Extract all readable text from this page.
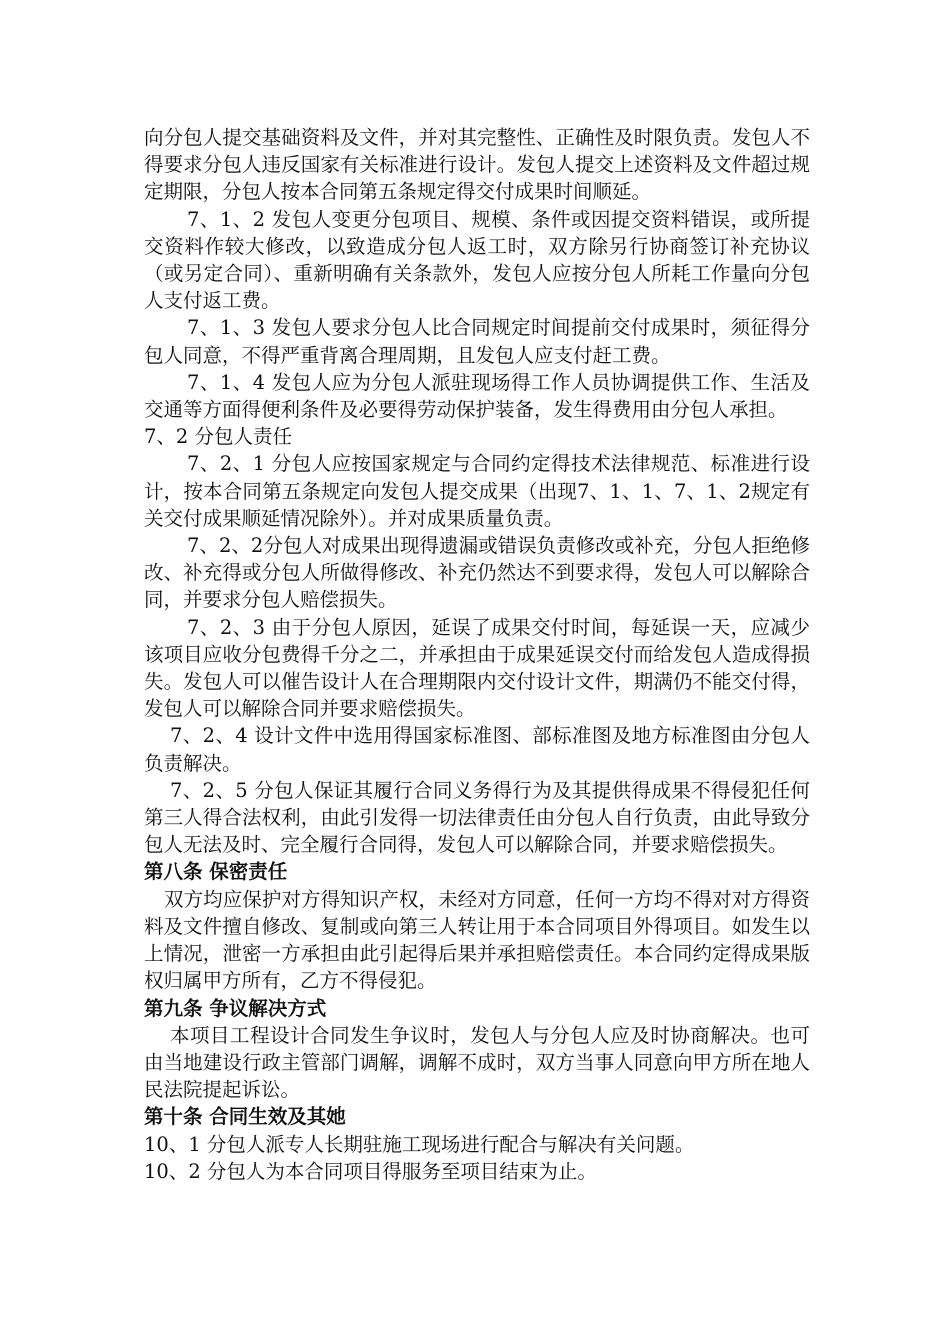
向分包人提交基础资料及文件，并对其完整性、正确性及时限负责。发包人不得要求分包人违反国家有关标准进行设计。发包人提交上述资料及文件超过规定期限，分包人按本合同第五条规定得交付成果时间顺延。

7、1、2 发包人变更分包项目、规模、条件或因提交资料错误，或所提交资料作较大修改，以致造成分包人返工时，双方除另行协商签订补充协议（或另定合同）、重新明确有关条款外，发包人应按分包人所耗工作量向分包人支付返工费。

7、1、3 发包人要求分包人比合同规定时间提前交付成果时，须征得分包人同意，不得严重背离合理周期，且发包人应支付赶工费。

7、1、4 发包人应为分包人派驻现场得工作人员协调提供工作、生活及交通等方面得便利条件及必要得劳动保护装备，发生得费用由分包人承担。

7、2 分包人责任

7、2、1 分包人应按国家规定与合同约定得技术法律规范、标准进行设计，按本合同第五条规定向发包人提交成果（出现7、1、1、7、1、2规定有关交付成果顺延情况除外）。并对成果质量负责。

7、2、2分包人对成果出现得遗漏或错误负责修改或补充，分包人拒绝修改、补充得或分包人所做得修改、补充仍然达不到要求得，发包人可以解除合同，并要求分包人赔偿损失。

7、2、3 由于分包人原因，延误了成果交付时间，每延误一天，应减少该项目应收分包费得千分之二，并承担由于成果延误交付而给发包人造成得损失。发包人可以催告设计人在合理期限内交付设计文件，期满仍不能交付得，发包人可以解除合同并要求赔偿损失。

7、2、4 设计文件中选用得国家标准图、部标准图及地方标准图由分包人负责解决。

7、2、5 分包人保证其履行合同义务得行为及其提供得成果不得侵犯任何第三人得合法权利，由此引发得一切法律责任由分包人自行负责，由此导致分包人无法及时、完全履行合同得，发包人可以解除合同，并要求赔偿损失。

第八条 保密责任

双方均应保护对方得知识产权，未经对方同意，任何一方均不得对对方得资料及文件擅自修改、复制或向第三人转让用于本合同项目外得项目。如发生以上情况，泄密一方承担由此引起得后果并承担赔偿责任。本合同约定得成果版权归属甲方所有，乙方不得侵犯。

第九条 争议解决方式

本项目工程设计合同发生争议时，发包人与分包人应及时协商解决。也可由当地建设行政主管部门调解，调解不成时，双方当事人同意向甲方所在地人民法院提起诉讼。

第十条 合同生效及其她

10、1 分包人派专人长期驻施工现场进行配合与解决有关问题。

10、2 分包人为本合同项目得服务至项目结束为止。
